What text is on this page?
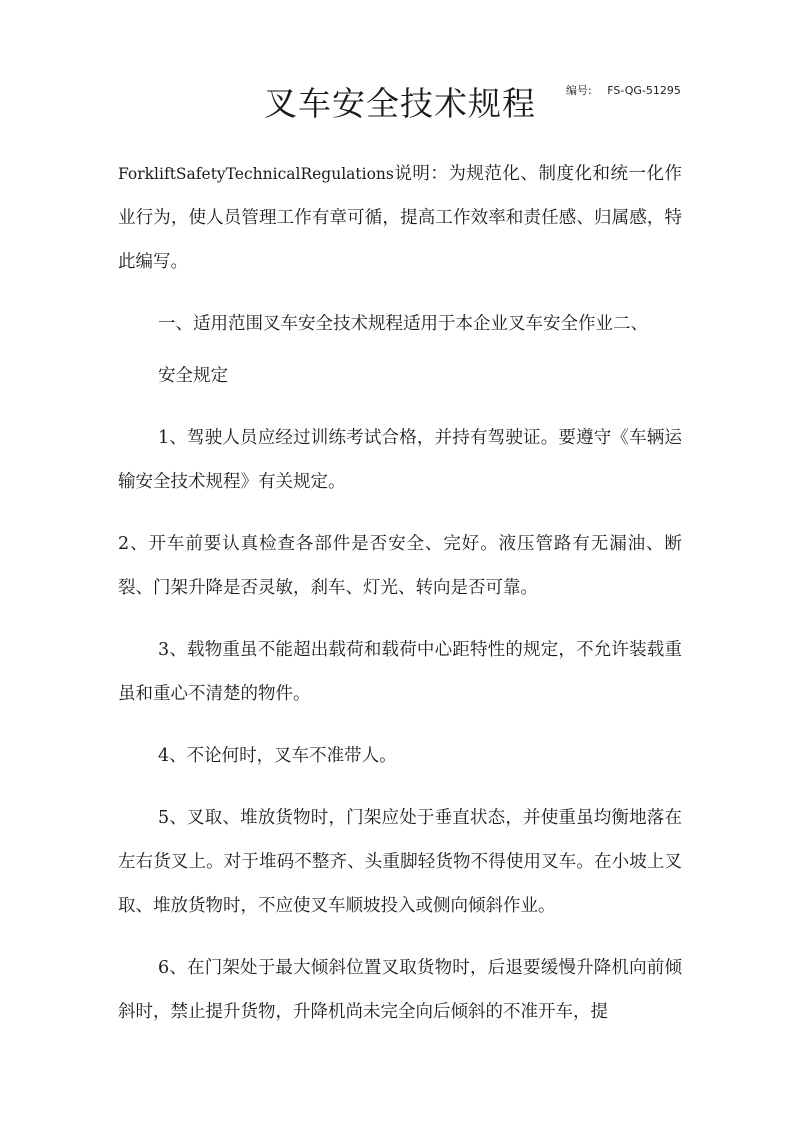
叉车安全技术规程	编号: FS-QG-51295

ForkliftSafetyTechnicalRegulations说明：为规范化、制度化和统一化作业行为，使人员管理工作有章可循，提高工作效率和责任感、归属感，特此编写。

一、适用范围叉车安全技术规程适用于本企业叉车安全作业二、

安全规定

1、驾驶人员应经过训练考试合格，并持有驾驶证。要遵守《车辆运输安全技术规程》有关规定。

2、开车前要认真检查各部件是否安全、完好。液压管路有无漏油、断裂、门架升降是否灵敏，刹车、灯光、转向是否可靠。

3、载物重虽不能超出载荷和载荷中心距特性的规定，不允许装载重虽和重心不清楚的物件。

4、不论何时，叉车不准带人。

5、叉取、堆放货物时，门架应处于垂直状态，并使重虽均衡地落在左右货叉上。对于堆码不整齐、头重脚轻货物不得使用叉车。在小坡上叉取、堆放货物时，不应使叉车顺坡投入或侧向倾斜作业。

6、在门架处于最大倾斜位置叉取货物时，后退要缓慢升降机向前倾斜时，禁止提升货物，升降机尚未完全向后倾斜的不准开车，提
